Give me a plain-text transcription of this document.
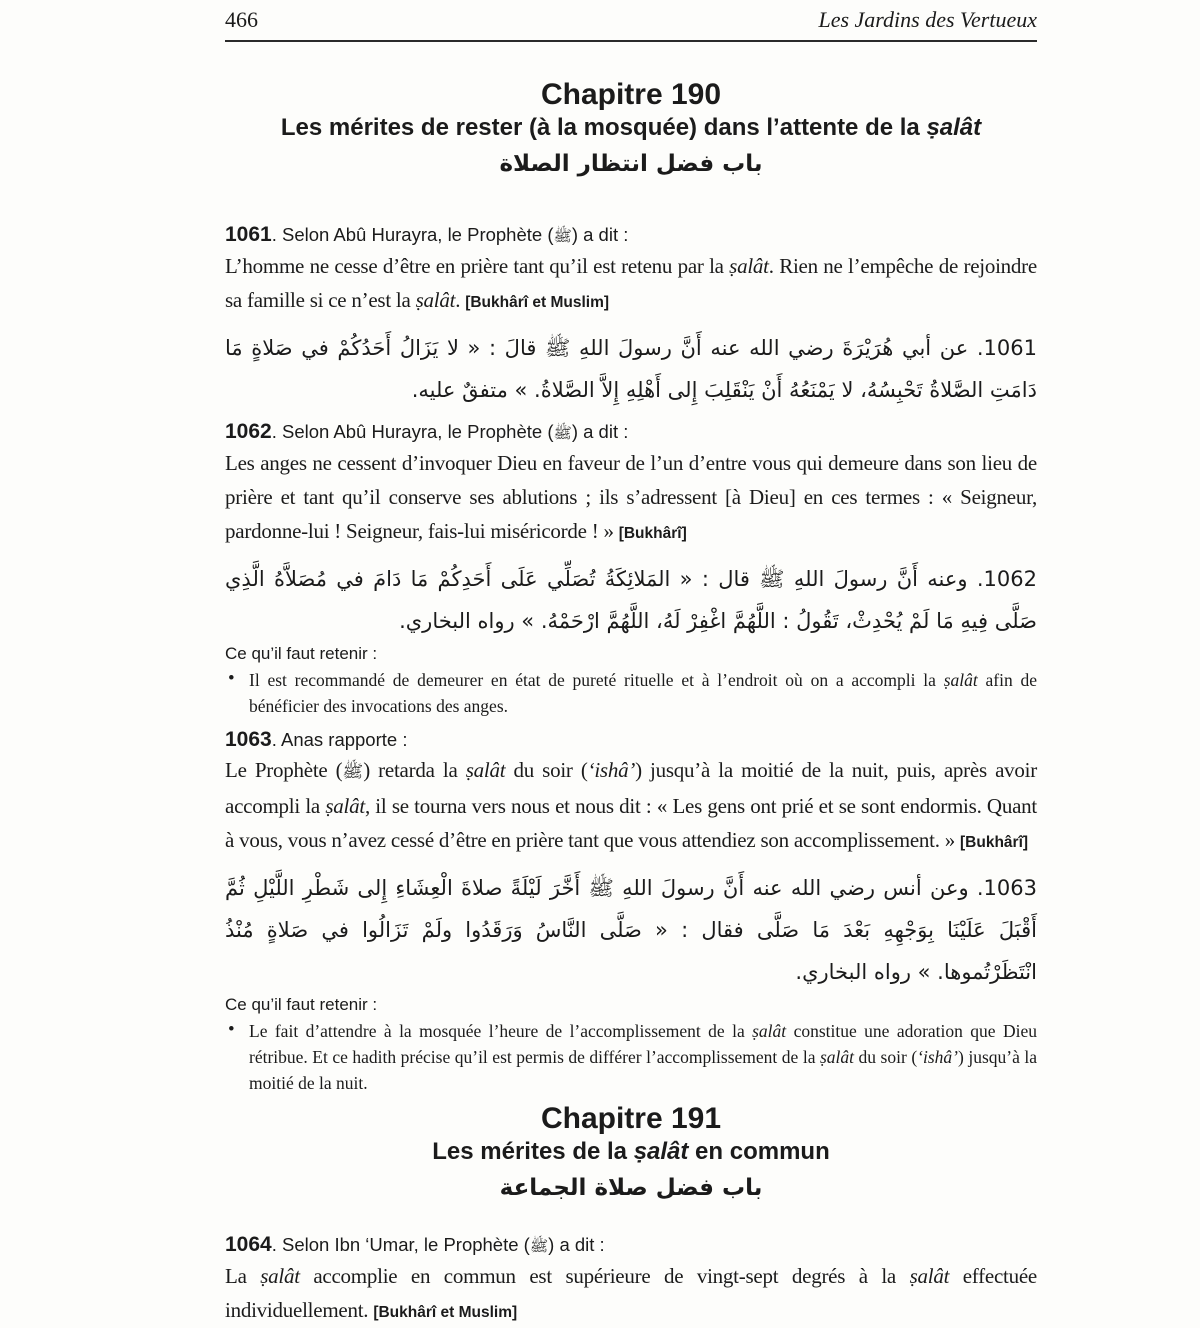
466	Les Jardins des Vertueux
Chapitre 190
Les mérites de rester (à la mosquée) dans l’attente de la ṣalât
باب فضل انتظار الصلاة

1061. Selon Abû Hurayra, le Prophète (ﷺ) a dit :

L’homme ne cesse d’être en prière tant qu’il est retenu par la ṣalât. Rien ne l’empêche de rejoindre sa famille si ce n’est la ṣalât. [Bukhârî et Muslim]

1061. عن أبي هُرَيْرَةَ رضي الله عنه أَنَّ رسولَ اللهِ ﷺ قالَ : « لا يَزَالُ أَحَدُكُمْ في صَلاةٍ مَا دَامَتِ الصَّلاةُ تَحْبِسُهُ، لا يَمْنَعُهُ أَنْ يَنْقَلِبَ إِلى أَهْلِهِ إِلاَّ الصَّلاةُ. » متفقٌ عليه.

1062. Selon Abû Hurayra, le Prophète (ﷺ) a dit :

Les anges ne cessent d’invoquer Dieu en faveur de l’un d’entre vous qui demeure dans son lieu de prière et tant qu’il conserve ses ablutions ; ils s’adressent [à Dieu] en ces termes : « Seigneur, pardonne-lui ! Seigneur, fais-lui miséricorde ! » [Bukhârî]

1062. وعنه أَنَّ رسولَ اللهِ ﷺ قال : « المَلائِكَةُ تُصَلِّي عَلَى أَحَدِكُمْ مَا دَامَ في مُصَلاَّهُ الَّذِي صَلَّى فِيهِ مَا لَمْ يُحْدِثْ، تَقُولُ : اللَّهُمَّ اغْفِرْ لَهُ، اللَّهُمَّ ارْحَمْهُ. » رواه البخاري.

Ce qu’il faut retenir :

• Il est recommandé de demeurer en état de pureté rituelle et à l’endroit où on a accompli la ṣalât afin de bénéficier des invocations des anges.

1063. Anas rapporte :

Le Prophète (ﷺ) retarda la ṣalât du soir (‘ishâ’) jusqu’à la moitié de la nuit, puis, après avoir accompli la ṣalât, il se tourna vers nous et nous dit : « Les gens ont prié et se sont endormis. Quant à vous, vous n’avez cessé d’être en prière tant que vous attendiez son accomplissement. » [Bukhârî]

1063. وعن أنس رضي الله عنه أَنَّ رسولَ اللهِ ﷺ أَخَّرَ لَيْلَةً صلاةَ الْعِشَاءِ إِلى شَطْرِ اللَّيْلِ ثُمَّ أَقْبَلَ عَلَيْنَا بِوَجْهِهِ بَعْدَ مَا صَلَّى فقال : « صَلَّى النَّاسُ وَرَقَدُوا ولَمْ تَزَالُوا في صَلاةٍ مُنْذُ انْتَظَرْتُموها. » رواه البخاري.

Ce qu’il faut retenir :

• Le fait d’attendre à la mosquée l’heure de l’accomplissement de la ṣalât constitue une adoration que Dieu rétribue. Et ce hadith précise qu’il est permis de différer l’accomplissement de la ṣalât du soir (‘ishâ’) jusqu’à la moitié de la nuit.
Chapitre 191
Les mérites de la ṣalât en commun
باب فضل صلاة الجماعة

1064. Selon Ibn ‘Umar, le Prophète (ﷺ) a dit :

La ṣalât accomplie en commun est supérieure de vingt-sept degrés à la ṣalât effectuée individuellement. [Bukhârî et Muslim]
